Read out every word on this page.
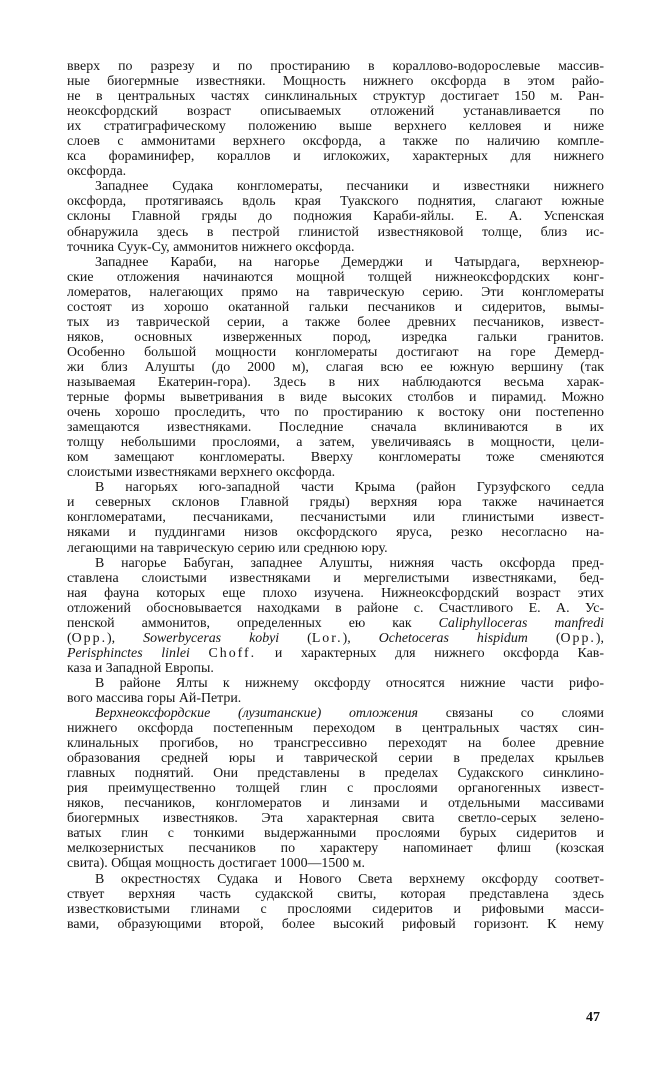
вверх по разрезу и по простиранию в кораллово-водорослевые массив-
ные биогермные известняки. Мощность нижнего оксфорда в этом райо-
не в центральных частях синклинальных структур достигает 150 м. Ран-
неоксфордский возраст описываемых отложений устанавливается по
их стратиграфическому положению выше верхнего келловея и ниже
слоев с аммонитами верхнего оксфорда, а также по наличию компле-
кса фораминифер, кораллов и иглокожих, характерных для нижнего
оксфорда.
Западнее Судака конгломераты, песчаники и известняки нижнего
оксфорда, протягиваясь вдоль края Туакского поднятия, слагают южные
склоны Главной гряды до подножия Караби-яйлы. Е. А. Успенская
обнаружила здесь в пестрой глинистой известняковой толще, близ ис-
точника Суук-Су, аммонитов нижнего оксфорда.
Западнее Караби, на нагорье Демерджи и Чатырдага, верхнеюр-
ские отложения начинаются мощной толщей нижнеоксфордских конг-
ломератов, налегающих прямо на таврическую серию. Эти конгломераты
состоят из хорошо окатанной гальки песчаников и сидеритов, вымы-
тых из таврической серии, а также более древних песчаников, извест-
няков, основных изверженных пород, изредка гальки гранитов.
Особенно большой мощности конгломераты достигают на горе Демерд-
жи близ Алушты (до 2000 м), слагая всю ее южную вершину (так
называемая Екатерин-гора). Здесь в них наблюдаются весьма харак-
терные формы выветривания в виде высоких столбов и пирамид. Можно
очень хорошо проследить, что по простиранию к востоку они постепенно
замещаются известняками. Последние сначала вклиниваются в их
толщу небольшими прослоями, а затем, увеличиваясь в мощности, цели-
ком замещают конгломераты. Вверху конгломераты тоже сменяются
слоистыми известняками верхнего оксфорда.
В нагорьях юго-западной части Крыма (район Гурзуфского седла
и северных склонов Главной гряды) верхняя юра также начинается
конгломератами, песчаниками, песчанистыми или глинистыми извест-
няками и пуддингами низов оксфордского яруса, резко несогласно на-
легающими на таврическую серию или среднюю юру.
В нагорье Бабуган, западнее Алушты, нижняя часть оксфорда пред-
ставлена слоистыми известняками и мергелистыми известняками, бед-
ная фауна которых еще плохо изучена. Нижнеоксфордский возраст этих
отложений обосновывается находками в районе с. Счастливого Е. А. Ус-
пенской аммонитов, определенных ею как Caliphylloceras manfredi
(Орр.), Sowerbyceras kobyi (Lor.), Ochetoceras hispidum (Орр.),
Perisphinctes linlei Choff. и характерных для нижнего оксфорда Кав-
каза и Западной Европы.
В районе Ялты к нижнему оксфорду относятся нижние части рифо-
вого массива горы Ай-Петри.
Верхнеоксфордские (лузитанские) отложения связаны со слоями
нижнего оксфорда постепенным переходом в центральных частях син-
клинальных прогибов, но трансгрессивно переходят на более древние
образования средней юры и таврической серии в пределах крыльев
главных поднятий. Они представлены в пределах Судакского синклино-
рия преимущественно толщей глин с прослоями органогенных извест-
няков, песчаников, конгломератов и линзами и отдельными массивами
биогермных известняков. Эта характерная свита светло-серых зелено-
ватых глин с тонкими выдержанными прослоями бурых сидеритов и
мелкозернистых песчаников по характеру напоминает флиш (козская
свита). Общая мощность достигает 1000—1500 м.
В окрестностях Судака и Нового Света верхнему оксфорду соответ-
ствует верхняя часть судакской свиты, которая представлена здесь
известковистыми глинами с прослоями сидеритов и рифовыми масси-
вами, образующими второй, более высокий рифовый горизонт. К нему
47
